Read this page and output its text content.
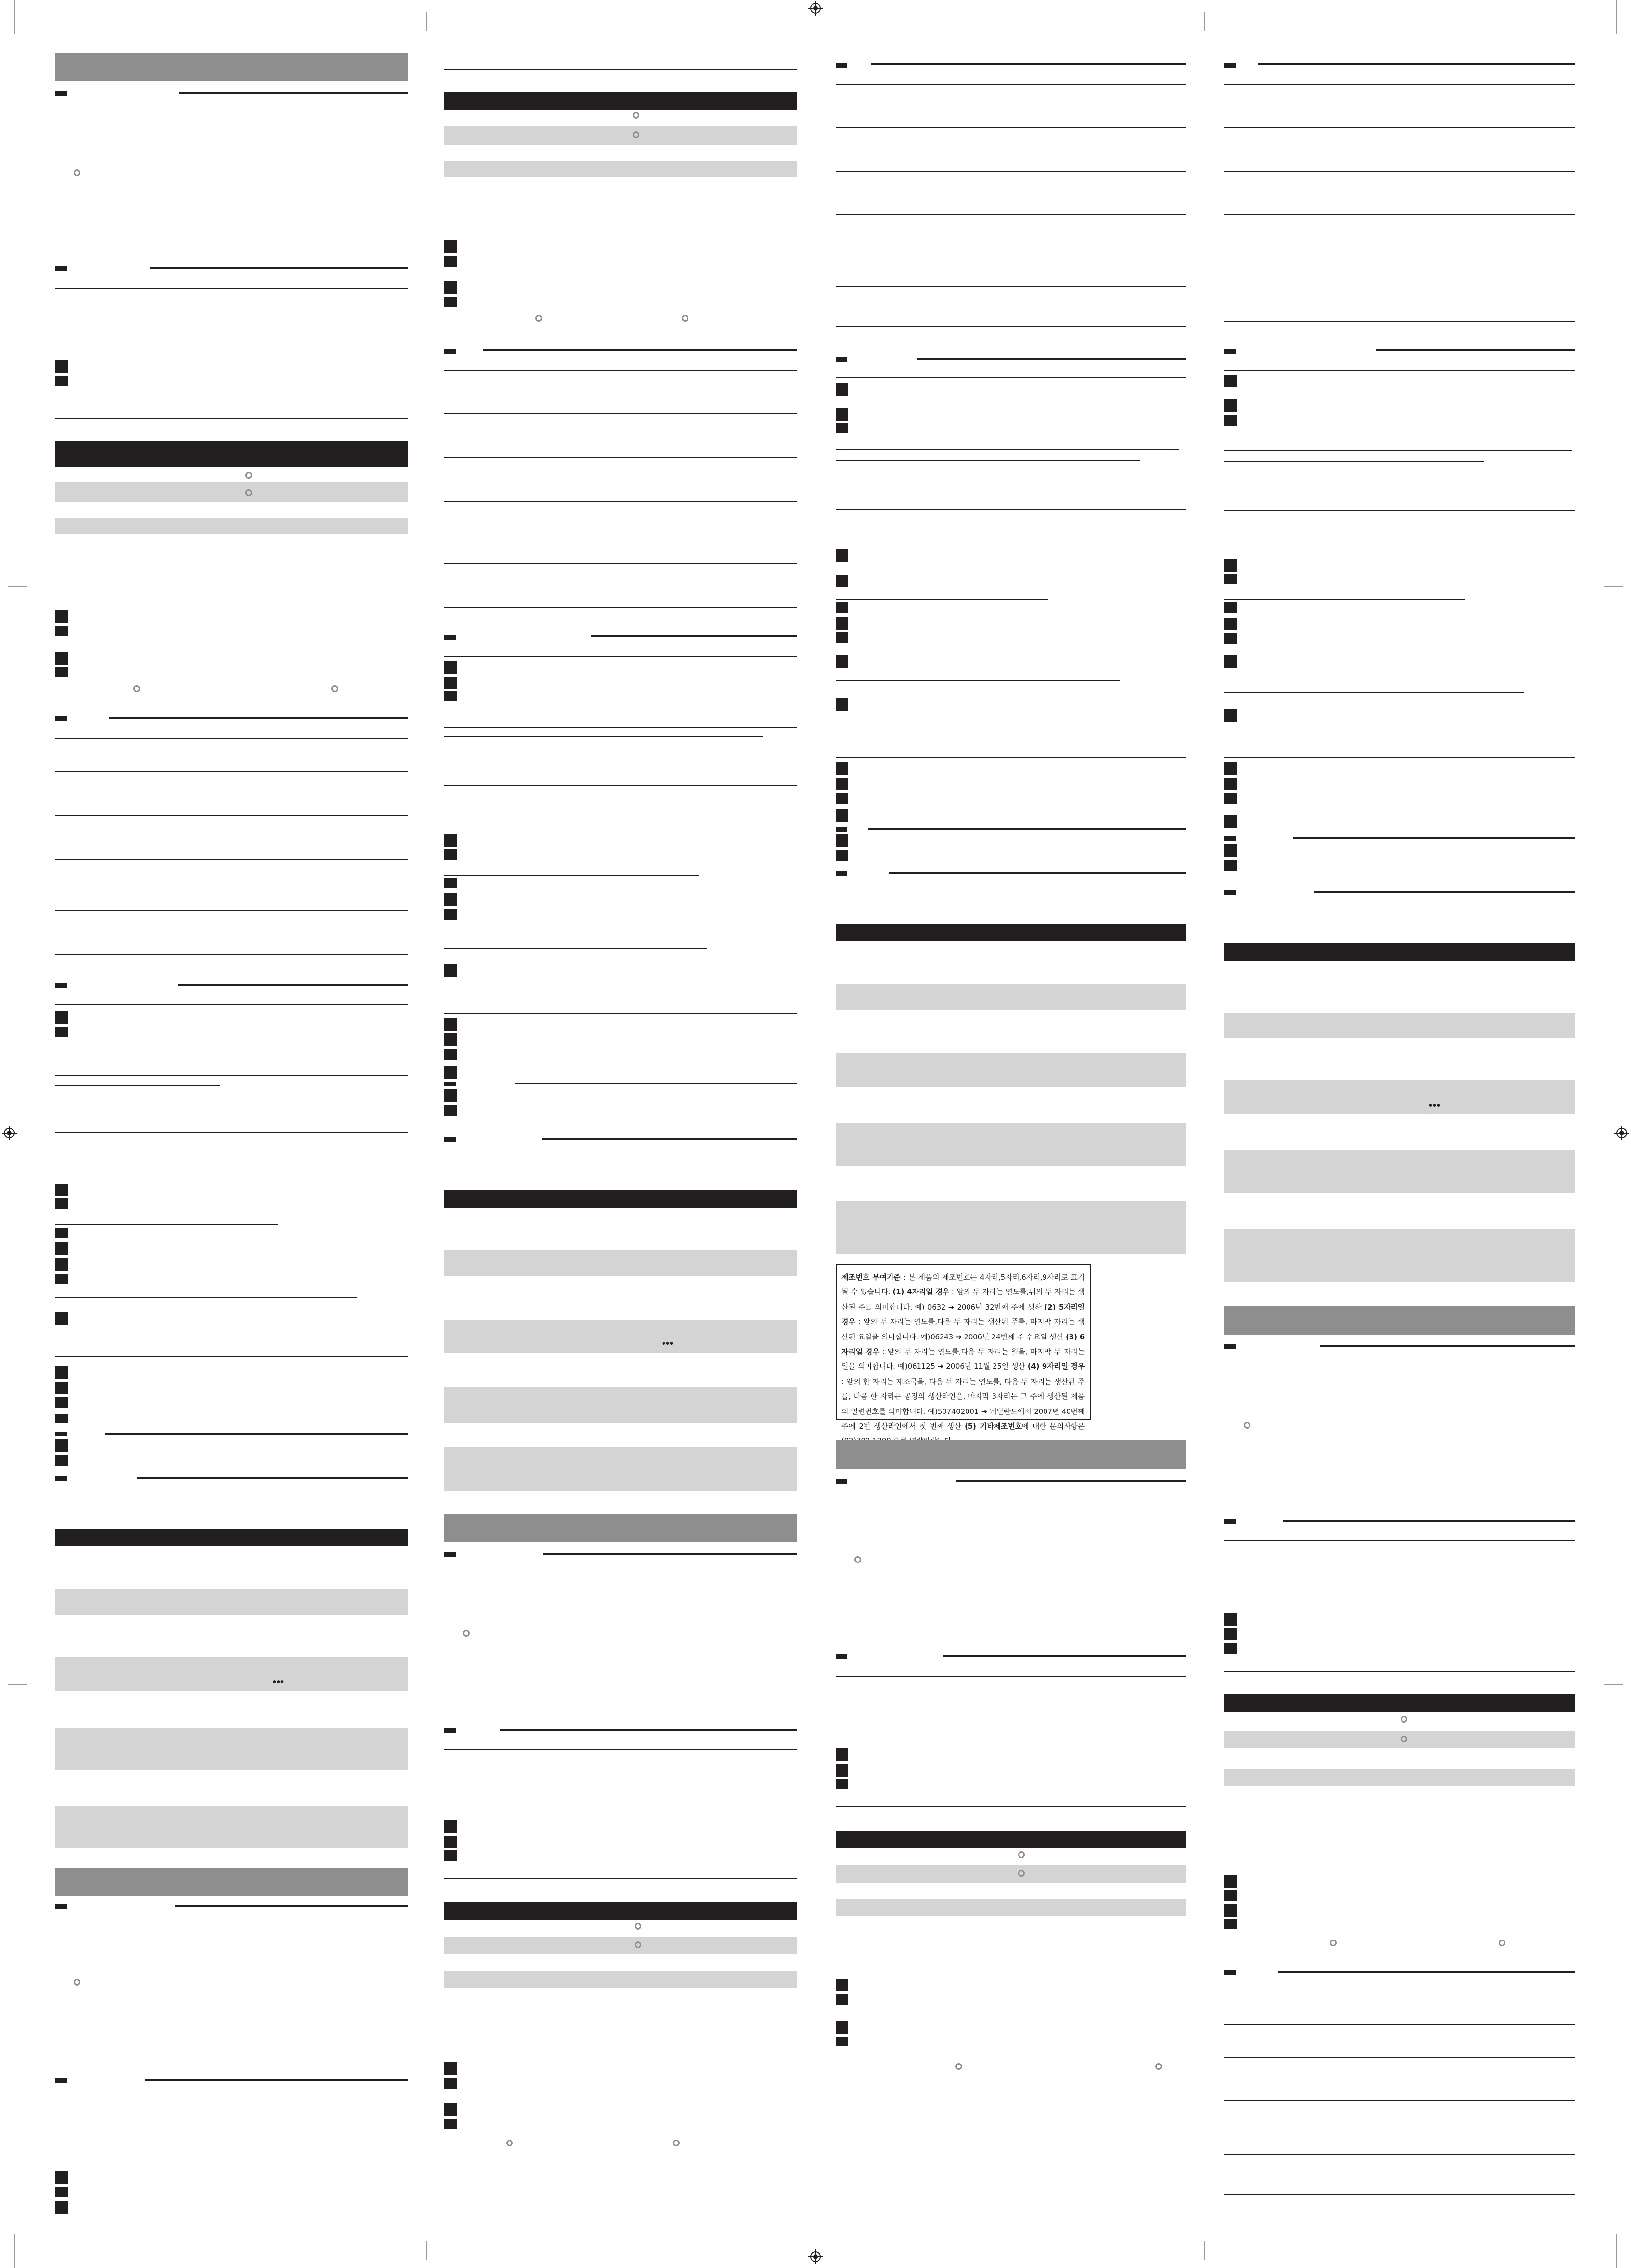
•••
•••

제조번호 부여기준 : 본 제품의 제조번호는 4자리,5자리,6자리,9자리로 표기될 수 있습니다. (1) 4자리일 경우 : 앞의 두 자리는 연도를,뒤의 두 자리는 생산된 주를 의미합니다. 예) 0632 ➜ 2006년 32번째 주에 생산 (2) 5자리일 경우 : 앞의 두 자리는 연도를,다음 두 자리는 생산된 주를, 마지막 자리는 생산된 요일을 의미합니다. 예)06243 ➜ 2006년 24번째 주 수요일 생산 (3) 6자리일 경우 : 앞의 두 자리는 연도를,다음 두 자리는 월을, 마지막 두 자리는 일을 의미합니다. 예)061125 ➜ 2006년 11월 25일 생산 (4) 9자리일 경우 : 앞의 한 자리는 제조국을, 다음 두 자리는 연도를, 다음 두 자리는 생산된 주를, 다음 한 자리는 공장의 생산라인을, 마지막 3자리는 그 주에 생산된 제품의 일련번호를 의미합니다. 예)507402001 ➜ 네덜란드에서 2007년 40번째 주에 2번 생산라인에서 첫 번째 생산 (5) 기타제조번호에 대한 문의사항은

•••
